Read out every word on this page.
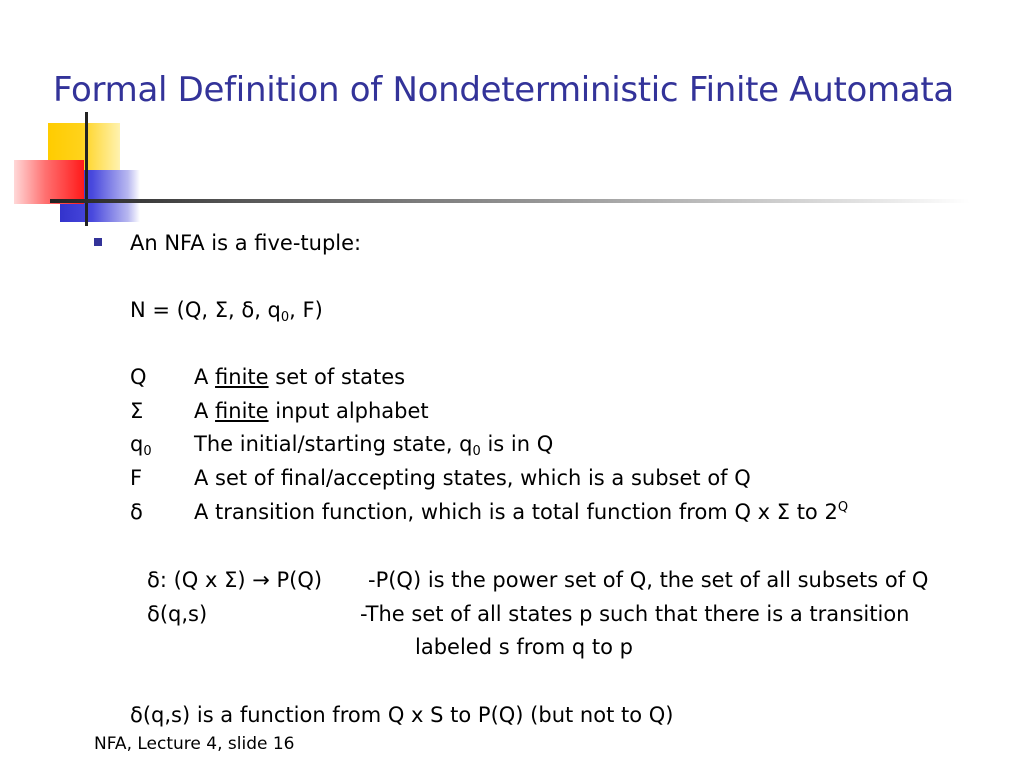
Formal Definition of Nondeterministic Finite Automata
An NFA is a five-tuple:
N = (Q, Σ, δ, $q_0$, F)
Q A finite set of states
Σ A finite input alphabet
$q_0$ The initial/starting state, $q_0$ is in Q
F A set of final/accepting states, which is a subset of Q
δ A transition function, which is a total function from Q x Σ to $2^Q$
δ: (Q x Σ) → P(Q) -P(Q) is the power set of Q, the set of all subsets of Q
δ(q,s)	-The set of all states p such that there is a transition
labeled s from q to p
δ(q,s) is a function from Q x S to P(Q) (but not to Q)
NFA, Lecture 4, slide 16
